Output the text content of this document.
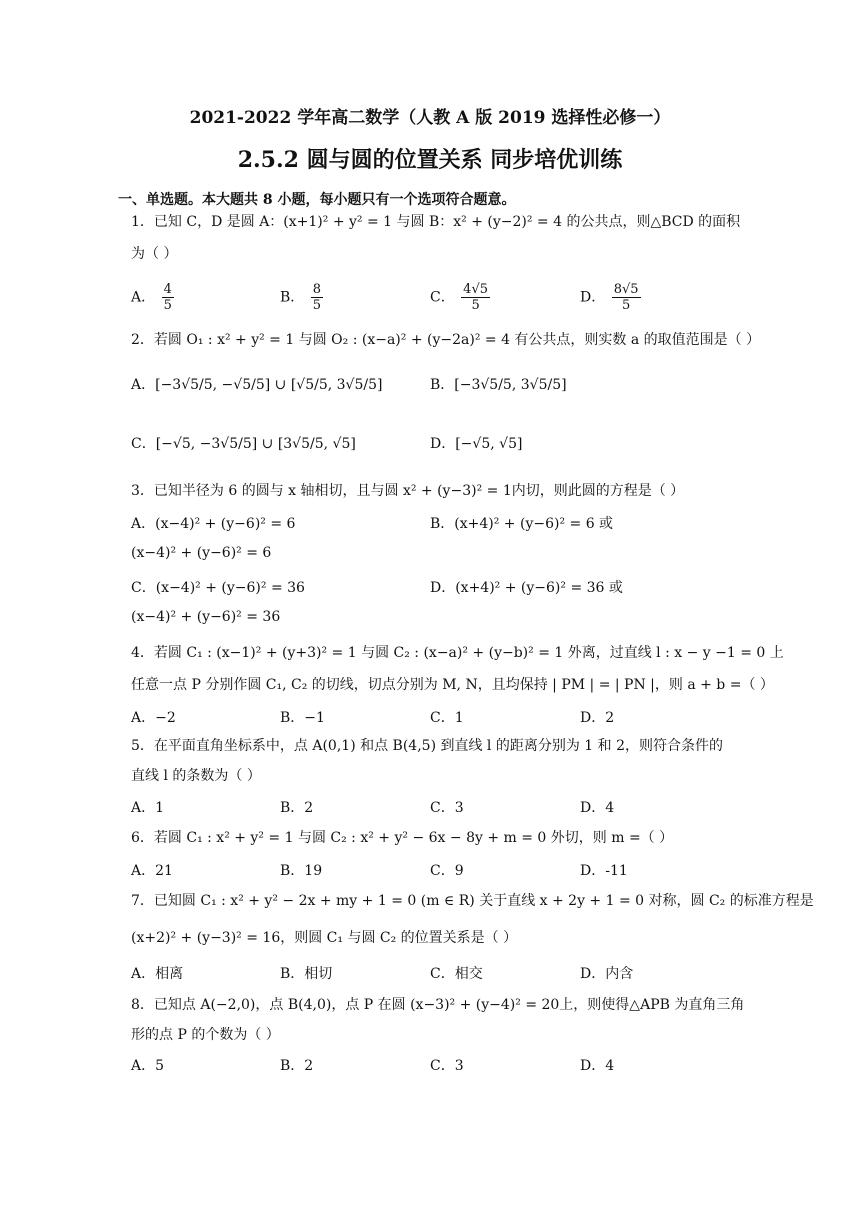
2021-2022 学年高二数学（人教 A 版 2019 选择性必修一）
2.5.2 圆与圆的位置关系 同步培优训练
一、单选题。本大题共 8 小题，每小题只有一个选项符合题意。
1．已知 C，D 是圆 A：(x+1)² + y² = 1 与圆 B：x² + (y−2)² = 4 的公共点，则△BCD 的面积
为（ ）
A． $\frac{4}{5}$	B． $\frac{8}{5}$	C． $\frac{4√5}{5}$	D． $\frac{8√5}{5}$
2．若圆 O₁ : x² + y² = 1 与圆 O₂ : (x−a)² + (y−2a)² = 4 有公共点，则实数 a 的取值范围是（ ）
A．[−3√5/5, −√5/5] ∪ [√5/5, 3√5/5]	B．[−3√5/5, 3√5/5]
C．[−√5, −3√5/5] ∪ [3√5/5, √5]	D．[−√5, √5]
3．已知半径为 6 的圆与 x 轴相切，且与圆 x² + (y−3)² = 1内切，则此圆的方程是（ ）
A．(x−4)² + (y−6)² = 6	B．(x+4)² + (y−6)² = 6 或
(x−4)² + (y−6)² = 6
C．(x−4)² + (y−6)² = 36	D．(x+4)² + (y−6)² = 36 或
(x−4)² + (y−6)² = 36
4．若圆 C₁ : (x−1)² + (y+3)² = 1 与圆 C₂ : (x−a)² + (y−b)² = 1 外离，过直线 l : x − y −1 = 0 上
任意一点 P 分别作圆 C₁, C₂ 的切线，切点分别为 M, N，且均保持 | PM | = | PN |，则 a + b =（ ）
A．−2	B．−1	C．1	D．2
5．在平面直角坐标系中，点 A(0,1) 和点 B(4,5) 到直线 l 的距离分别为 1 和 2，则符合条件的
直线 l 的条数为（ ）
A．1	B．2	C．3	D．4
6．若圆 C₁ : x² + y² = 1 与圆 C₂ : x² + y² − 6x − 8y + m = 0 外切，则 m =（ ）
A．21	B．19	C．9	D．-11
7．已知圆 C₁ : x² + y² − 2x + my + 1 = 0 (m ∈ R) 关于直线 x + 2y + 1 = 0 对称，圆 C₂ 的标准方程是
(x+2)² + (y−3)² = 16，则圆 C₁ 与圆 C₂ 的位置关系是（ ）
A．相离	B．相切	C．相交	D．内含
8．已知点 A(−2,0)，点 B(4,0)，点 P 在圆 (x−3)² + (y−4)² = 20上，则使得△APB 为直角三角
形的点 P 的个数为（ ）
A．5	B．2	C．3	D．4
